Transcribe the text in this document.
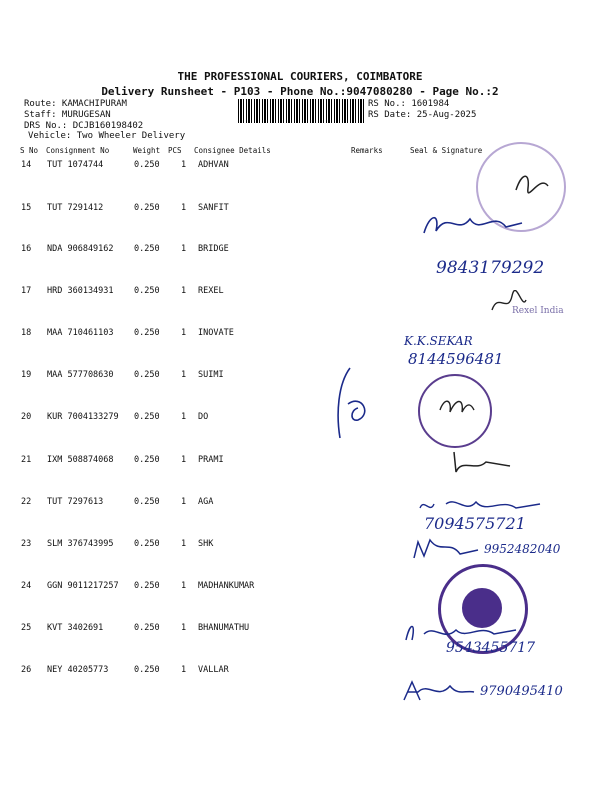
THE PROFESSIONAL COURIERS, COIMBATORE
Delivery Runsheet - P103 - Phone No.:9047080280 - Page No.:2
Route: KAMACHIPURAM
Staff: MURUGESAN
DRS No.: DCJB160198402
Vehicle: Two Wheeler Delivery
RS No.: 1601984
RS Date: 25-Aug-2025
S No Consignment No	Weight PCS Consignee Details	Remarks	Seal & Signature
14 TUT 1074744	0.250	1 ADHVAN
15 TUT 7291412	0.250	1 SANFIT
16 NDA 906849162 0.250	1 BRIDGE
17 HRD 360134931 0.250	1 REXEL
18 MAA 710461103 0.250	1 INOVATE
19 MAA 577708630 0.250	1 SUIMI
20 KUR 7004133279 0.250	1 DO
21 IXM 508874068 0.250	1 PRAMI
22 TUT 7297613	0.250	1 AGA
23 SLM 376743995 0.250	1 SHK
24 GGN 9011217257 0.250	1 MADHANKUMAR
25 KVT 3402691	0.250	1 BHANUMATHU
26 NEY 40205773	0.250	1 VALLAR
9843179292
Rexel India
K.K.SEKAR
8144596481
7094575721
9952482040
9543455717
9790495410
